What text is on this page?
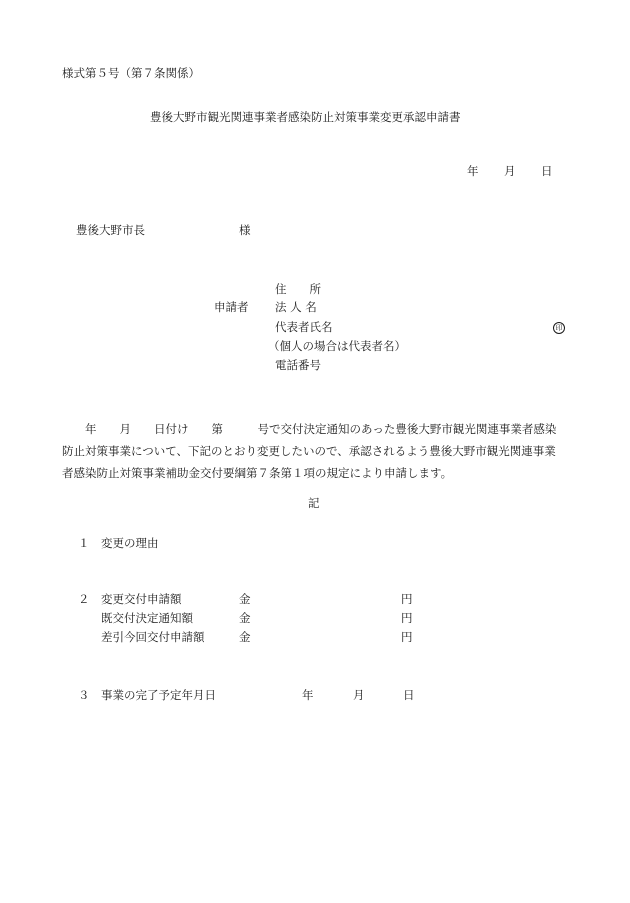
様式第５号（第７条関係）
豊後大野市観光関連事業者感染防止対策事業変更承認申請書
年 月 日
豊後大野市長	様
住　　所
申請者 法 人 名
代表者氏名	印
（個人の場合は代表者名）
電話番号
　　年　　月　　日付け　　第　　　号で交付決定通知のあった豊後大野市観光関連事業者感染防止対策事業について、下記のとおり変更したいので、承認されるよう豊後大野市観光関連事業者感染防止対策事業補助金交付要綱第７条第１項の規定により申請します。
記
１ 変更の理由
２ 変更交付申請額	金	円
既交付決定通知額	金	円
差引今回交付申請額	金	円
３ 事業の完了予定年月日	年	月	日
